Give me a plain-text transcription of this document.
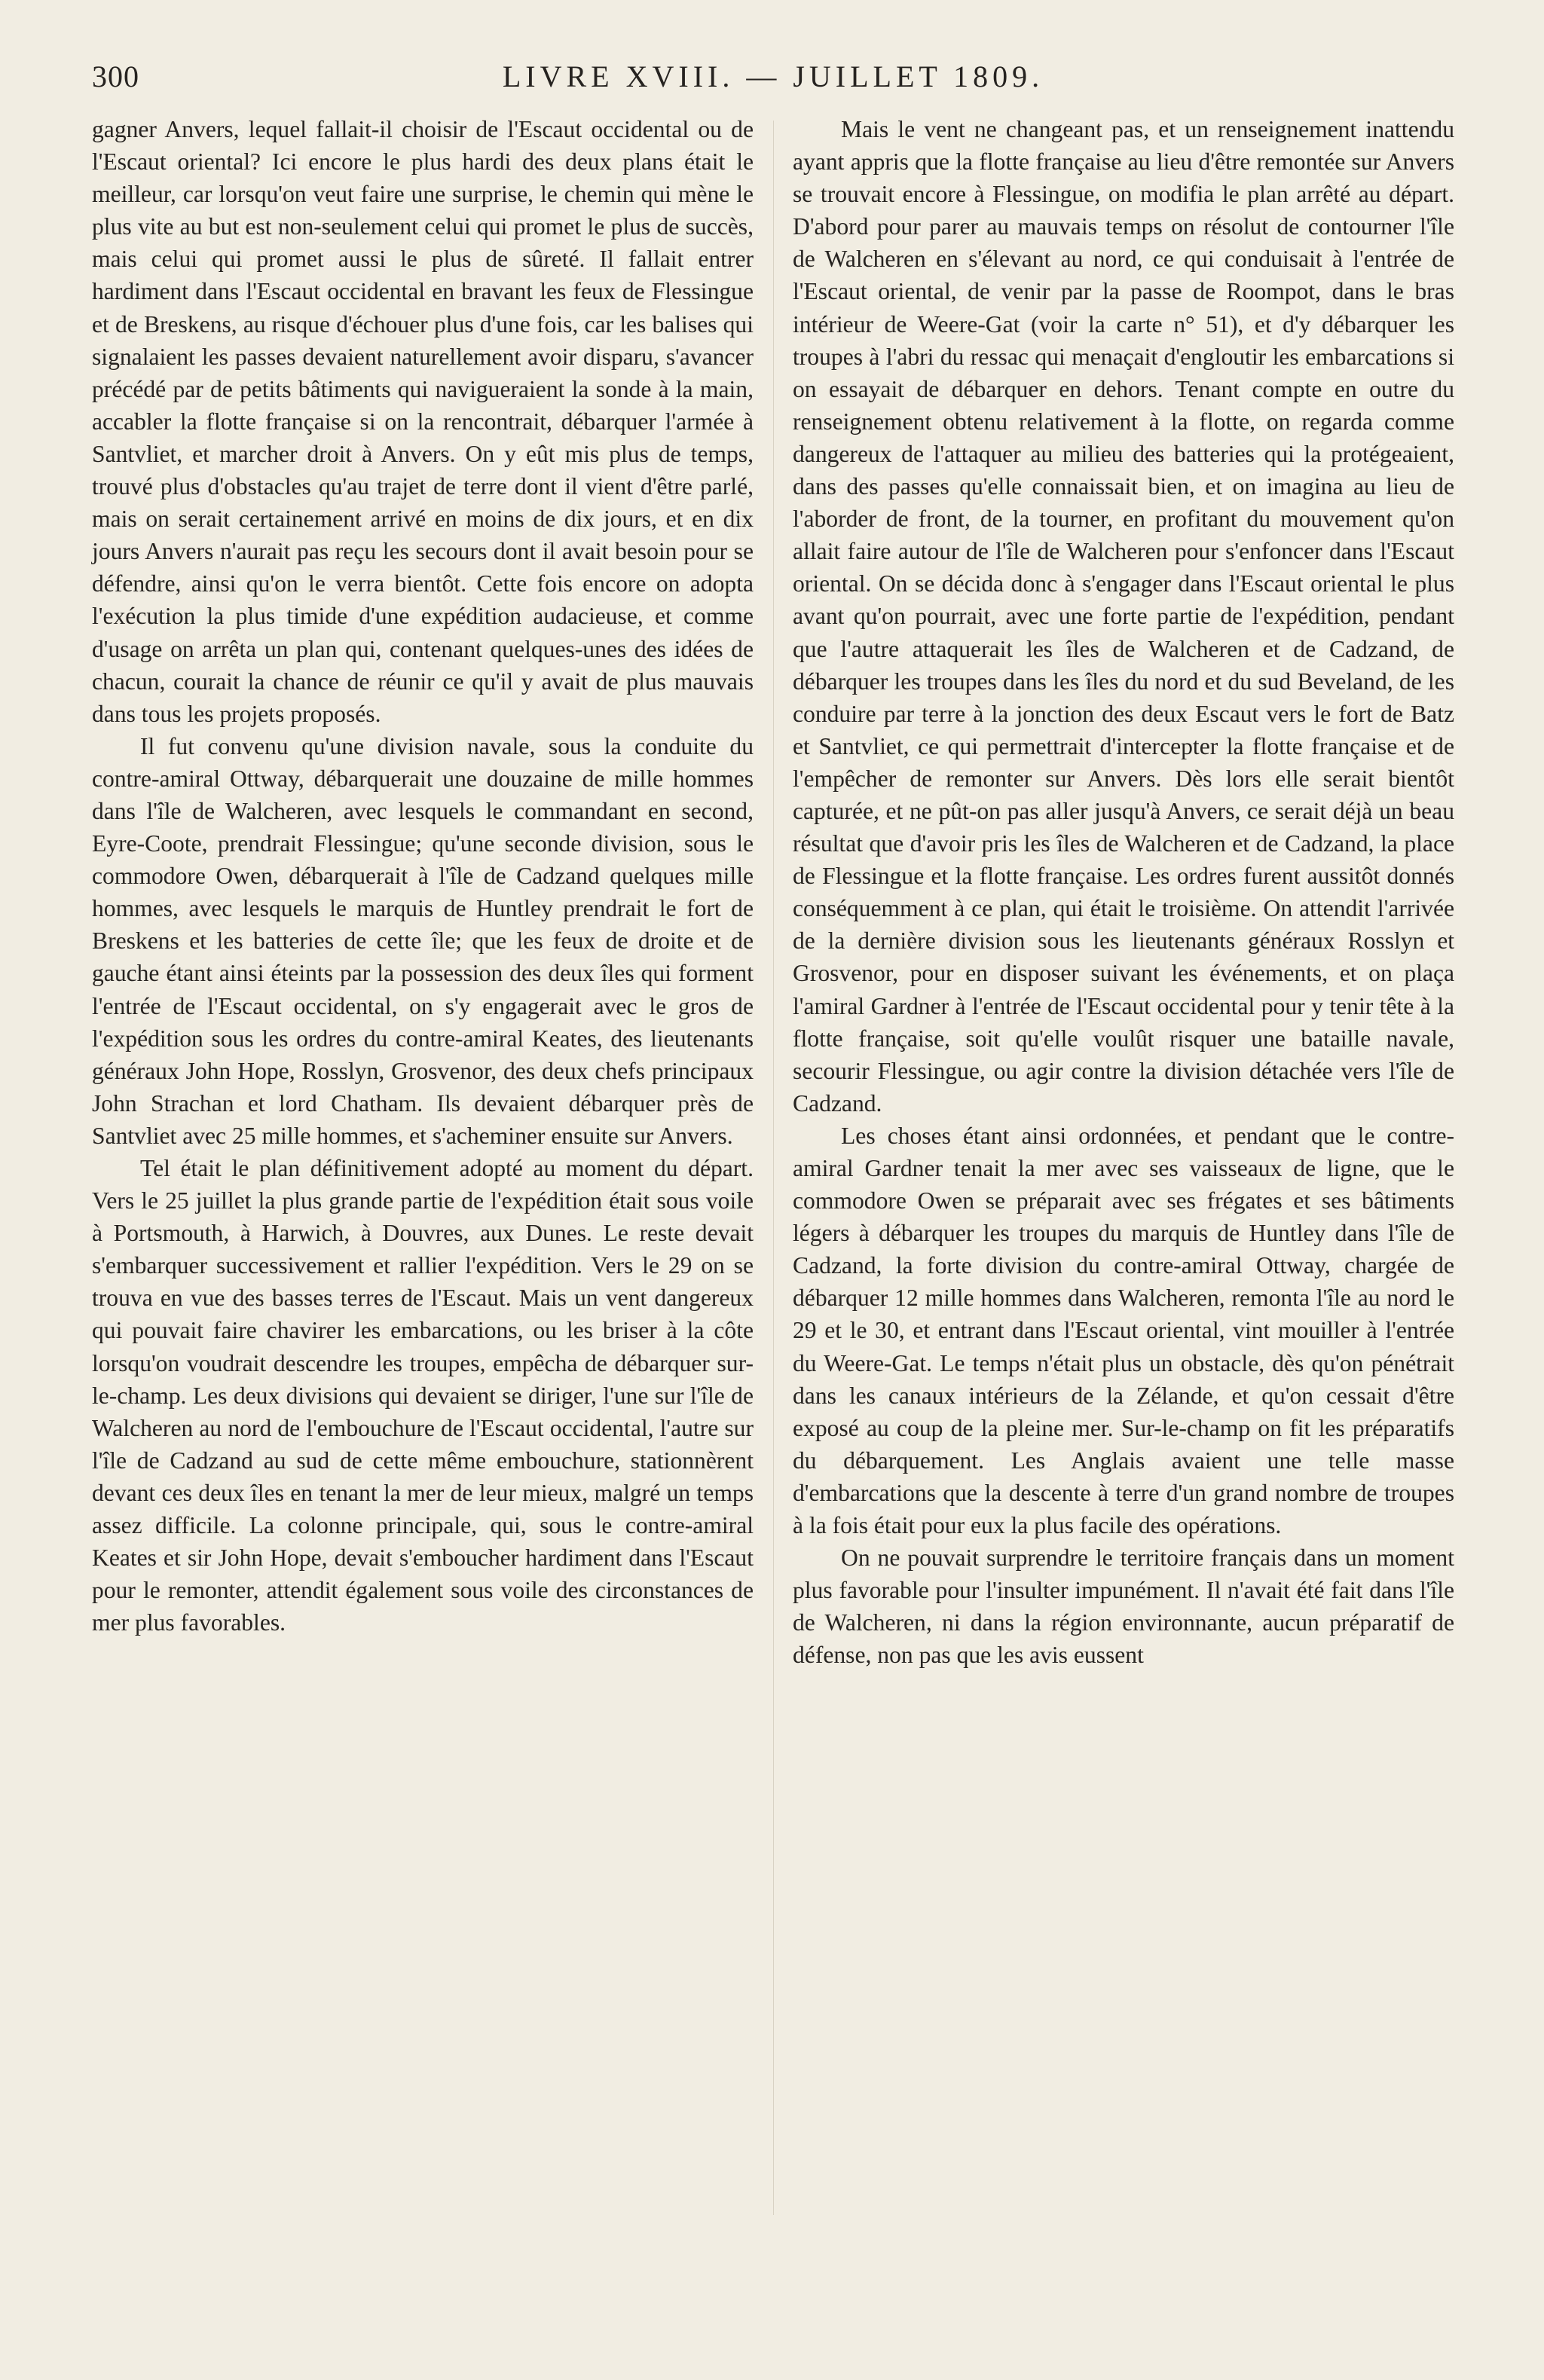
300	LIVRE XVIII. — JUILLET 1809.

gagner Anvers, lequel fallait-il choisir de l'Escaut occidental ou de l'Escaut oriental? Ici encore le plus hardi des deux plans était le meilleur, car lorsqu'on veut faire une surprise, le chemin qui mène le plus vite au but est non-seulement celui qui promet le plus de succès, mais celui qui promet aussi le plus de sûreté. Il fallait entrer hardiment dans l'Escaut occidental en bravant les feux de Flessingue et de Breskens, au risque d'échouer plus d'une fois, car les balises qui signalaient les passes devaient naturellement avoir disparu, s'avancer précédé par de petits bâtiments qui navigueraient la sonde à la main, accabler la flotte française si on la rencontrait, débarquer l'armée à Santvliet, et marcher droit à Anvers. On y eût mis plus de temps, trouvé plus d'obstacles qu'au trajet de terre dont il vient d'être parlé, mais on serait certainement arrivé en moins de dix jours, et en dix jours Anvers n'aurait pas reçu les secours dont il avait besoin pour se défendre, ainsi qu'on le verra bientôt. Cette fois encore on adopta l'exécution la plus timide d'une expédition audacieuse, et comme d'usage on arrêta un plan qui, contenant quelques-unes des idées de chacun, courait la chance de réunir ce qu'il y avait de plus mauvais dans tous les projets proposés.

Il fut convenu qu'une division navale, sous la conduite du contre-amiral Ottway, débarquerait une douzaine de mille hommes dans l'île de Walcheren, avec lesquels le commandant en second, Eyre-Coote, prendrait Flessingue; qu'une seconde division, sous le commodore Owen, débarquerait à l'île de Cadzand quelques mille hommes, avec lesquels le marquis de Huntley prendrait le fort de Breskens et les batteries de cette île; que les feux de droite et de gauche étant ainsi éteints par la possession des deux îles qui forment l'entrée de l'Escaut occidental, on s'y engagerait avec le gros de l'expédition sous les ordres du contre-amiral Keates, des lieutenants généraux John Hope, Rosslyn, Grosvenor, des deux chefs principaux John Strachan et lord Chatham. Ils devaient débarquer près de Santvliet avec 25 mille hommes, et s'acheminer ensuite sur Anvers.

Tel était le plan définitivement adopté au moment du départ. Vers le 25 juillet la plus grande partie de l'expédition était sous voile à Portsmouth, à Harwich, à Douvres, aux Dunes. Le reste devait s'embarquer successivement et rallier l'expédition. Vers le 29 on se trouva en vue des basses terres de l'Escaut. Mais un vent dangereux qui pouvait faire chavirer les embarcations, ou les briser à la côte lorsqu'on voudrait descendre les troupes, empêcha de débarquer sur-le-champ. Les deux divisions qui devaient se diriger, l'une sur l'île de Walcheren au nord de l'embouchure de l'Escaut occidental, l'autre sur l'île de Cadzand au sud de cette même embouchure, stationnèrent devant ces deux îles en tenant la mer de leur mieux, malgré un temps assez difficile. La colonne principale, qui, sous le contre-amiral Keates et sir John Hope, devait s'emboucher hardiment dans l'Escaut pour le remonter, attendit également sous voile des circonstances de mer plus favorables.

Mais le vent ne changeant pas, et un renseignement inattendu ayant appris que la flotte française au lieu d'être remontée sur Anvers se trouvait encore à Flessingue, on modifia le plan arrêté au départ. D'abord pour parer au mauvais temps on résolut de contourner l'île de Walcheren en s'élevant au nord, ce qui conduisait à l'entrée de l'Escaut oriental, de venir par la passe de Roompot, dans le bras intérieur de Weere-Gat (voir la carte n° 51), et d'y débarquer les troupes à l'abri du ressac qui menaçait d'engloutir les embarcations si on essayait de débarquer en dehors. Tenant compte en outre du renseignement obtenu relativement à la flotte, on regarda comme dangereux de l'attaquer au milieu des batteries qui la protégeaient, dans des passes qu'elle connaissait bien, et on imagina au lieu de l'aborder de front, de la tourner, en profitant du mouvement qu'on allait faire autour de l'île de Walcheren pour s'enfoncer dans l'Escaut oriental. On se décida donc à s'engager dans l'Escaut oriental le plus avant qu'on pourrait, avec une forte partie de l'expédition, pendant que l'autre attaquerait les îles de Walcheren et de Cadzand, de débarquer les troupes dans les îles du nord et du sud Beveland, de les conduire par terre à la jonction des deux Escaut vers le fort de Batz et Santvliet, ce qui permettrait d'intercepter la flotte française et de l'empêcher de remonter sur Anvers. Dès lors elle serait bientôt capturée, et ne pût-on pas aller jusqu'à Anvers, ce serait déjà un beau résultat que d'avoir pris les îles de Walcheren et de Cadzand, la place de Flessingue et la flotte française. Les ordres furent aussitôt donnés conséquemment à ce plan, qui était le troisième. On attendit l'arrivée de la dernière division sous les lieutenants généraux Rosslyn et Grosvenor, pour en disposer suivant les événements, et on plaça l'amiral Gardner à l'entrée de l'Escaut occidental pour y tenir tête à la flotte française, soit qu'elle voulût risquer une bataille navale, secourir Flessingue, ou agir contre la division détachée vers l'île de Cadzand.

Les choses étant ainsi ordonnées, et pendant que le contre-amiral Gardner tenait la mer avec ses vaisseaux de ligne, que le commodore Owen se préparait avec ses frégates et ses bâtiments légers à débarquer les troupes du marquis de Huntley dans l'île de Cadzand, la forte division du contre-amiral Ottway, chargée de débarquer 12 mille hommes dans Walcheren, remonta l'île au nord le 29 et le 30, et entrant dans l'Escaut oriental, vint mouiller à l'entrée du Weere-Gat. Le temps n'était plus un obstacle, dès qu'on pénétrait dans les canaux intérieurs de la Zélande, et qu'on cessait d'être exposé au coup de la pleine mer. Sur-le-champ on fit les préparatifs du débarquement. Les Anglais avaient une telle masse d'embarcations que la descente à terre d'un grand nombre de troupes à la fois était pour eux la plus facile des opérations.

On ne pouvait surprendre le territoire français dans un moment plus favorable pour l'insulter impunément. Il n'avait été fait dans l'île de Walcheren, ni dans la région environnante, aucun préparatif de défense, non pas que les avis eussent
